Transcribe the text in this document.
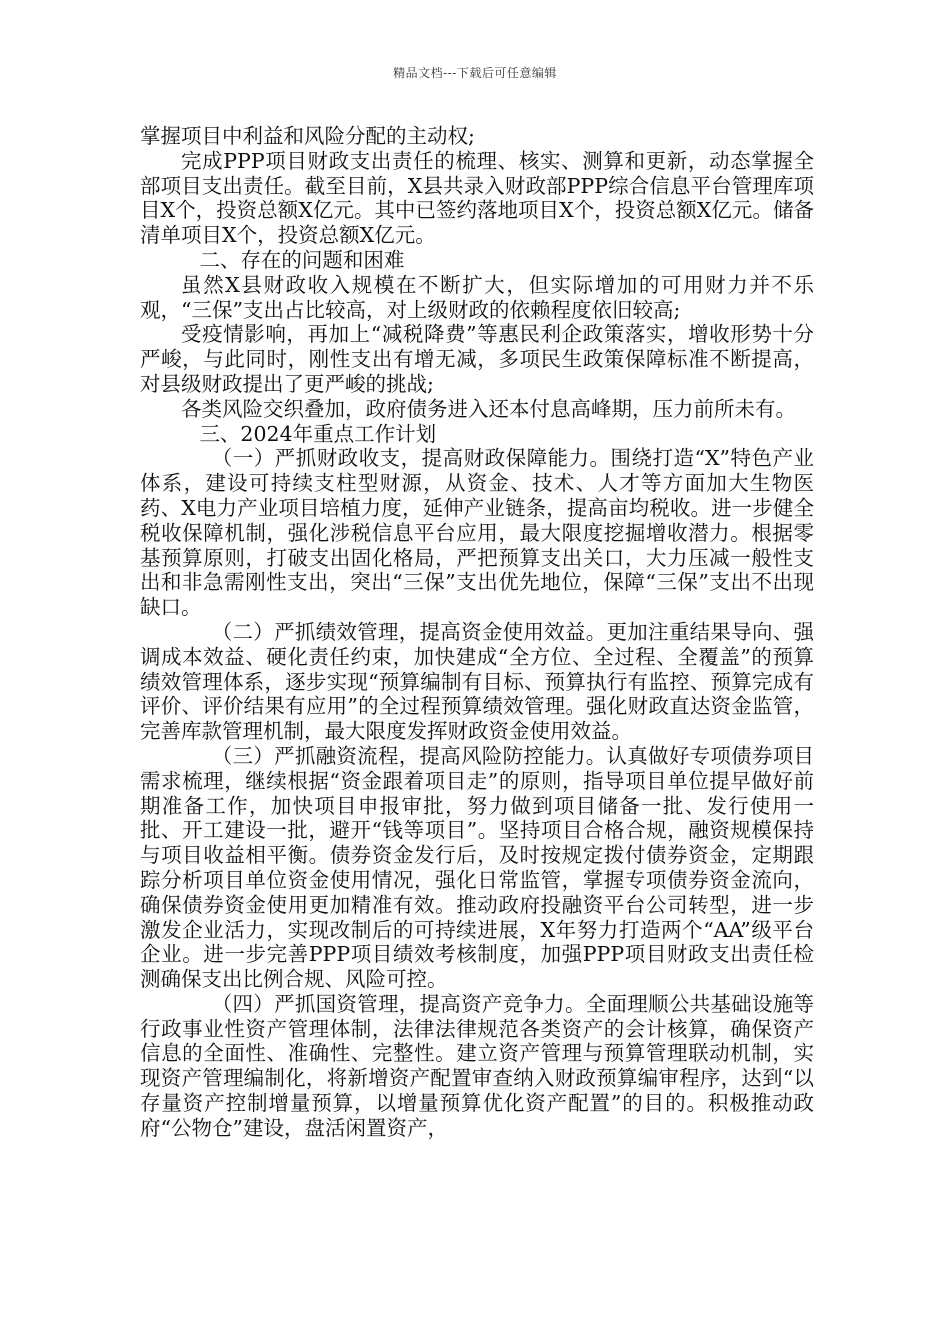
精品文档---下载后可任意编辑

掌握项目中利益和风险分配的主动权;

完成PPP项目财政支出责任的梳理、核实、测算和更新，动态掌握全部项目支出责任。截至目前，X县共录入财政部PPP综合信息平台管理库项目X个，投资总额X亿元。其中已签约落地项目X个，投资总额X亿元。储备清单项目X个，投资总额X亿元。

二、存在的问题和困难

虽然X县财政收入规模在不断扩大，但实际增加的可用财力并不乐观，“三保”支出占比较高，对上级财政的依赖程度依旧较高;

受疫情影响，再加上“减税降费”等惠民利企政策落实，增收形势十分严峻，与此同时，刚性支出有增无减，多项民生政策保障标准不断提高，对县级财政提出了更严峻的挑战;

各类风险交织叠加，政府债务进入还本付息高峰期，压力前所未有。

三、2024年重点工作计划

（一）严抓财政收支，提高财政保障能力。围绕打造“X”特色产业体系，建设可持续支柱型财源，从资金、技术、人才等方面加大生物医药、X电力产业项目培植力度，延伸产业链条，提高亩均税收。进一步健全税收保障机制，强化涉税信息平台应用，最大限度挖掘增收潜力。根据零基预算原则，打破支出固化格局，严把预算支出关口，大力压减一般性支出和非急需刚性支出，突出“三保”支出优先地位，保障“三保”支出不出现缺口。

（二）严抓绩效管理，提高资金使用效益。更加注重结果导向、强调成本效益、硬化责任约束，加快建成“全方位、全过程、全覆盖”的预算绩效管理体系，逐步实现“预算编制有目标、预算执行有监控、预算完成有评价、评价结果有应用”的全过程预算绩效管理。强化财政直达资金监管，完善库款管理机制，最大限度发挥财政资金使用效益。

（三）严抓融资流程，提高风险防控能力。认真做好专项债券项目需求梳理，继续根据“资金跟着项目走”的原则，指导项目单位提早做好前期准备工作，加快项目申报审批，努力做到项目储备一批、发行使用一批、开工建设一批，避开“钱等项目”。坚持项目合格合规，融资规模保持与项目收益相平衡。债券资金发行后，及时按规定拨付债券资金，定期跟踪分析项目单位资金使用情况，强化日常监管，掌握专项债券资金流向，确保债券资金使用更加精准有效。推动政府投融资平台公司转型，进一步激发企业活力，实现改制后的可持续进展，X年努力打造两个“AA”级平台企业。进一步完善PPP项目绩效考核制度，加强PPP项目财政支出责任检测确保支出比例合规、风险可控。

（四）严抓国资管理，提高资产竞争力。全面理顺公共基础设施等行政事业性资产管理体制，法律法律规范各类资产的会计核算，确保资产信息的全面性、准确性、完整性。建立资产管理与预算管理联动机制，实现资产管理编制化，将新增资产配置审查纳入财政预算编审程序，达到“以存量资产控制增量预算，以增量预算优化资产配置”的目的。积极推动政府“公物仓”建设，盘活闲置资产，
